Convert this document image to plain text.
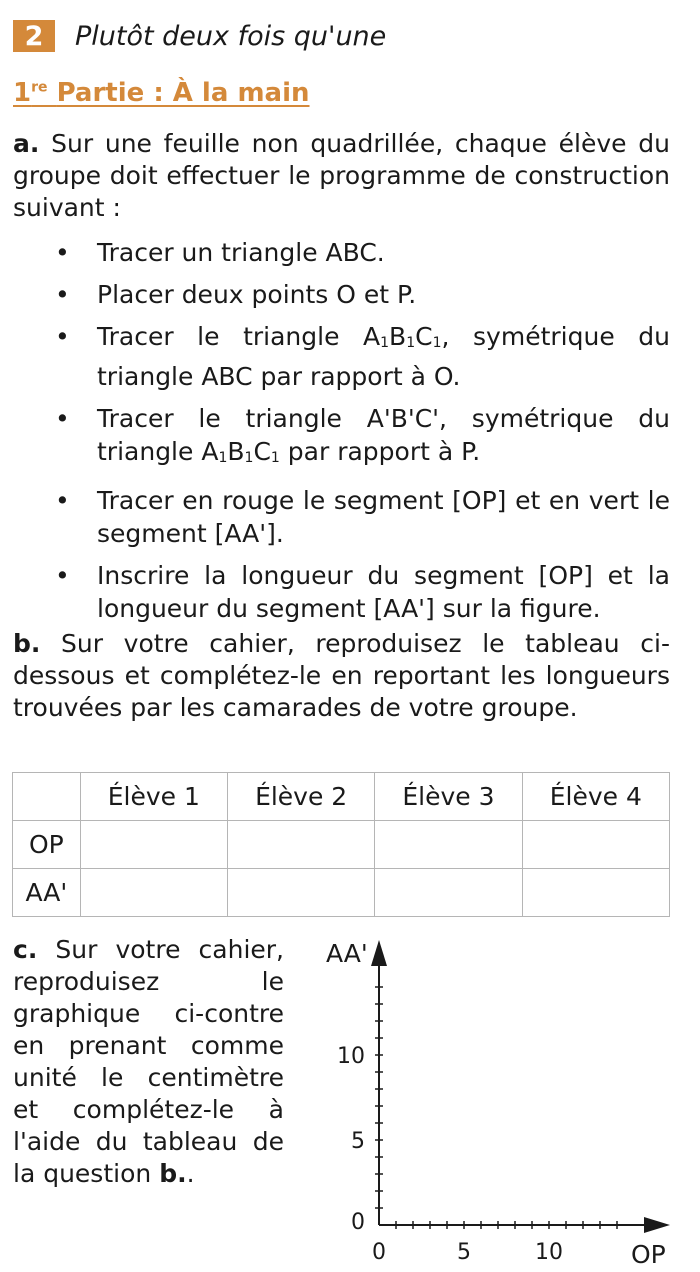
2	Plutôt deux fois qu'une
1re Partie : À la main
a. Sur une feuille non quadrillée, chaque élève du groupe doit effectuer le programme de construction suivant :
• Tracer un triangle ABC.
• Placer deux points O et P.
• Tracer le triangle $A_1B_1C_1$, symétrique du triangle ABC par rapport à O.
• Tracer le triangle A'B'C', symétrique du triangle $A_1B_1C_1$ par rapport à P.
• Tracer en rouge le segment [OP] et en vert le segment [AA'].
• Inscrire la longueur du segment [OP] et la longueur du segment [AA'] sur la figure.
b. Sur votre cahier, reproduisez le tableau ci-dessous et complétez-le en reportant les longueurs trouvées par les camarades de votre groupe.
	Élève 1	Élève 2	Élève 3	Élève 4
OP				
AA'				
c. Sur votre cahier, reproduisez le graphique ci-contre en prenant comme unité le centimètre et complétez-le à l'aide du tableau de
la question b..
0	5	10
0
5
10
AA'
OP
